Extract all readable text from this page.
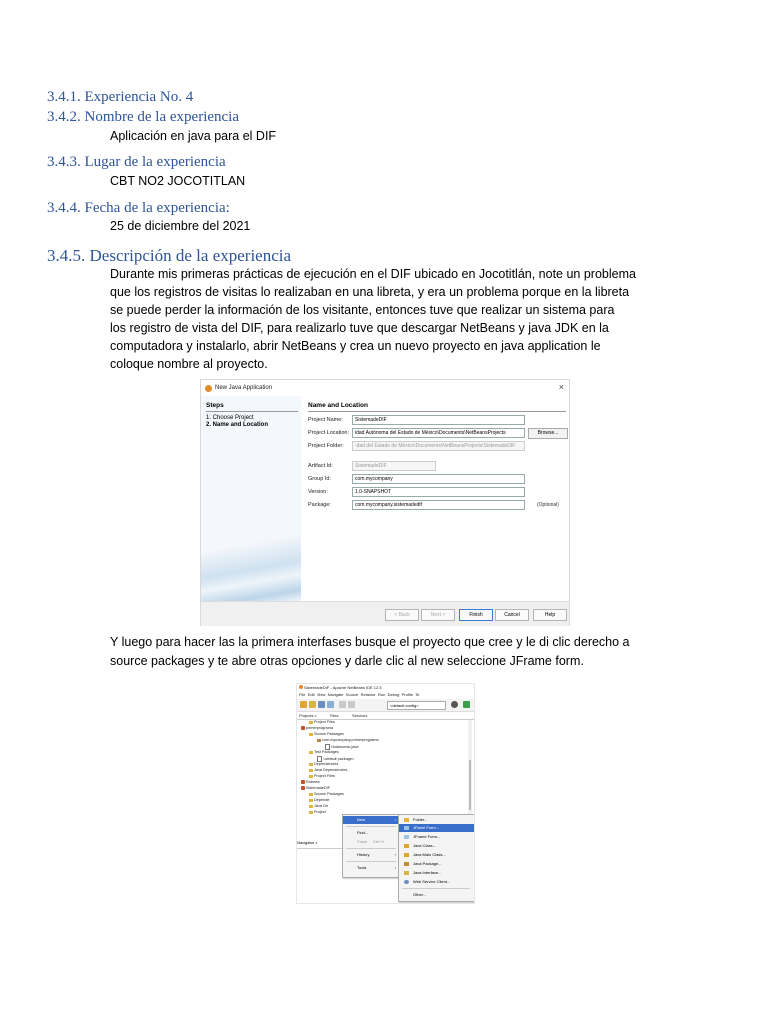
3.4.1. Experiencia No. 4
3.4.2. Nombre de la experiencia
Aplicación en java para el DIF
3.4.3. Lugar de la experiencia
CBT NO2 JOCOTITLAN
3.4.4. Fecha de la experiencia:
25 de diciembre del 2021
3.4.5. Descripción de la experiencia
Durante mis primeras prácticas de ejecución en el DIF ubicado en Jocotitlán, note un problema
que los registros de visitas lo realizaban en una libreta, y era un problema porque en la libreta
se puede perder la información de los visitante, entonces tuve que realizar un sistema para
los registro de vista del DIF, para realizarlo tuve que descargar NetBeans y java JDK en la
computadora y instalarlo, abrir NetBeans y crea un nuevo proyecto en java application le
coloque nombre al proyecto.
New Java Application	×
Steps
1. Choose Project
2. Name and Location
Name and Location
Project Name:	SistemadeDIF
Project Location:	idad Autónoma del Estado de México\Documents\NetBeansProjects	Browse...
Project Folder:	-dad del Estado de México\Documents\NetBeansProjects\SistemadeDIF
Artifact Id:	SistemadeDIF
Group Id:	com.mycompany
Version:	1.0-SNAPSHOT
Package:	com.mycompany.sistemadedif	(Optional)
< Back	Next >	Finish	Cancel	Help
Y luego para hacer las la primera interfases busque el proyecto que cree y le di clic derecho a
source packages y te abre otras opciones y darle clic al new seleccione JFrame form.
SistemadeDIF - Apache NetBeans IDE 12.5
File Edit View Navigate Source Refactor Run Debug Profile Te
<default config>
Projects ×	Files	Services
Project Files
primerprograma
Source Packages
com.mycompany.primerprograma
Holamundo.java
Test Packages
<default package>
Dependencies
Java Dependencies
Project Files
Roberta
SistemadeDIF
Source Packages
Depende
Java De
Project
Navigator ×
New	›
Find...
Paste Ctrl+V
History	›
Tools	›
Folder...
JPanel Form...
JFrame Form...
Java Class...
Java Main Class...
Java Package...
Java Interface...
Web Service Client...
Other...
